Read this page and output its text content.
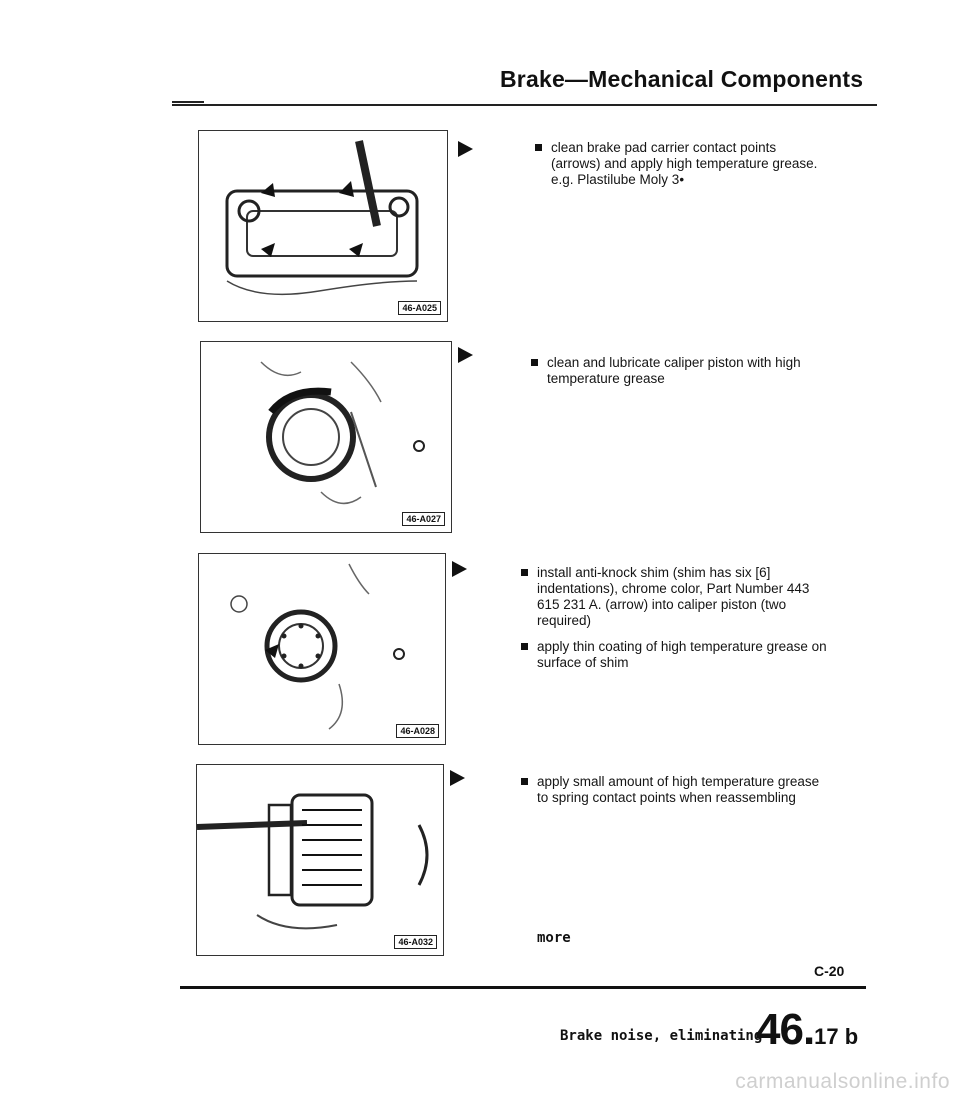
Brake—Mechanical Components
46-A025
46-A027
46-A028
46-A032

clean brake pad carrier contact points (arrows) and apply high temperature grease. e.g. Plastilube Moly 3•

clean and lubricate caliper piston with high temperature grease

install anti-knock shim (shim has six [6] indentations), chrome color, Part Number 443 615 231 A. (arrow) into caliper piston (two required)

apply thin coating of high temperature grease on surface of shim

apply small amount of high temperature grease to spring contact points when reassembling

more
C-20
Brake noise, eliminating
46.17 b
carmanualsonline.info
